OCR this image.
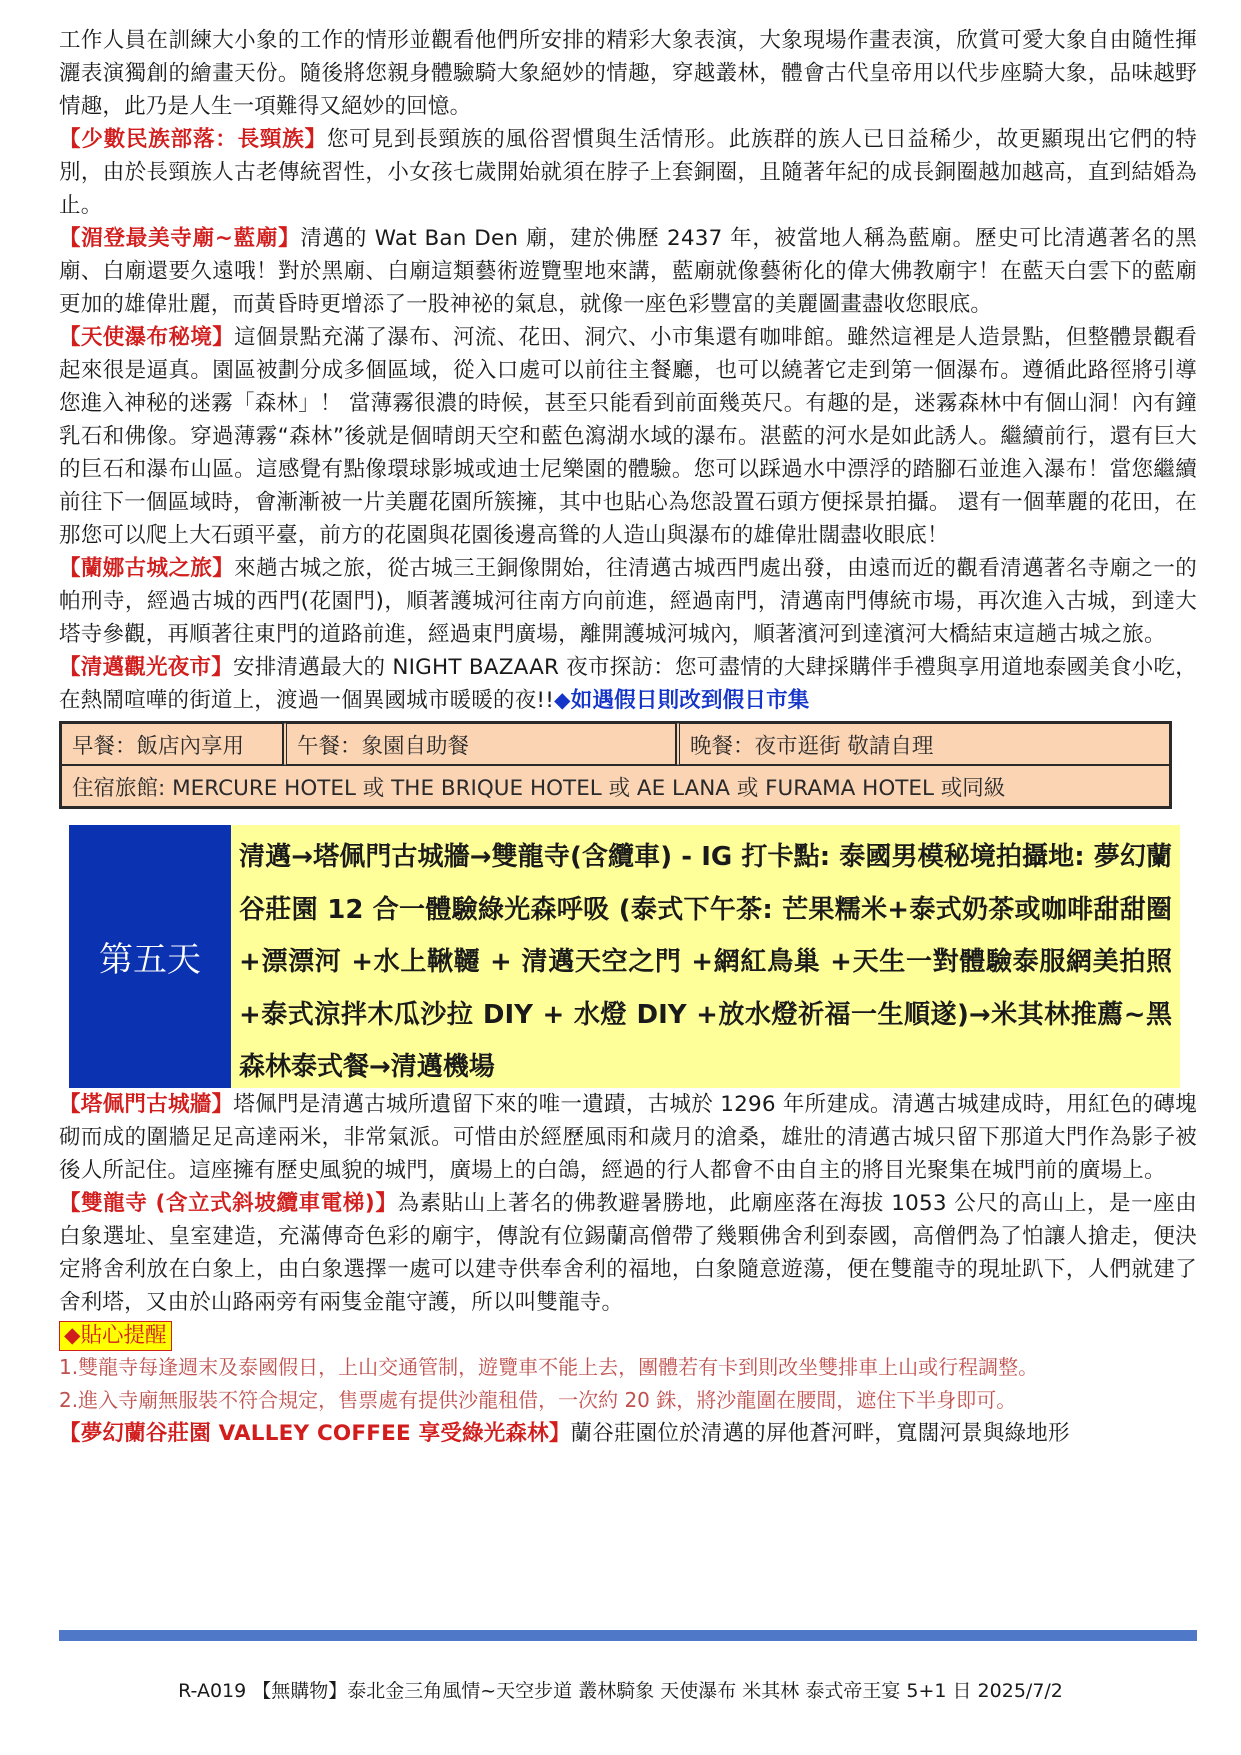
工作人員在訓練大小象的工作的情形並觀看他們所安排的精彩大象表演，大象現場作畫表演，欣賞可愛大象自由隨性揮灑表演獨創的繪畫天份。隨後將您親身體驗騎大象絕妙的情趣，穿越叢林，體會古代皇帝用以代步座騎大象，品味越野情趣，此乃是人生一項難得又絕妙的回憶。

【少數民族部落：長頸族】您可見到長頸族的風俗習慣與生活情形。此族群的族人已日益稀少，故更顯現出它們的特別，由於長頸族人古老傳統習性，小女孩七歲開始就須在脖子上套銅圈，且隨著年紀的成長銅圈越加越高，直到結婚為止。

【湄登最美寺廟~藍廟】清邁的 Wat Ban Den 廟，建於佛歷 2437 年，被當地人稱為藍廟。歷史可比清邁著名的黑廟、白廟還要久遠哦！對於黑廟、白廟這類藝術遊覽聖地來講，藍廟就像藝術化的偉大佛教廟宇！在藍天白雲下的藍廟更加的雄偉壯麗，而黃昏時更增添了一股神祕的氣息，就像一座色彩豐富的美麗圖畫盡收您眼底。

【天使瀑布秘境】這個景點充滿了瀑布、河流、花田、洞穴、小市集還有咖啡館。雖然這裡是人造景點，但整體景觀看起來很是逼真。園區被劃分成多個區域，從入口處可以前往主餐廳，也可以繞著它走到第一個瀑布。遵循此路徑將引導您進入神秘的迷霧「森林」！ 當薄霧很濃的時候，甚至只能看到前面幾英尺。有趣的是，迷霧森林中有個山洞！內有鐘乳石和佛像。穿過薄霧“森林”後就是個晴朗天空和藍色瀉湖水域的瀑布。湛藍的河水是如此誘人。繼續前行，還有巨大的巨石和瀑布山區。這感覺有點像環球影城或迪士尼樂園的體驗。您可以踩過水中漂浮的踏腳石並進入瀑布！當您繼續前往下一個區域時，會漸漸被一片美麗花園所簇擁，其中也貼心為您設置石頭方便採景拍攝。 還有一個華麗的花田，在那您可以爬上大石頭平臺，前方的花園與花園後邊高聳的人造山與瀑布的雄偉壯闊盡收眼底！

【蘭娜古城之旅】來趟古城之旅，從古城三王銅像開始，往清邁古城西門處出發，由遠而近的觀看清邁著名寺廟之一的帕刑寺，經過古城的西門(花園門)，順著護城河往南方向前進，經過南門，清邁南門傳統市場，再次進入古城，到達大塔寺參觀，再順著往東門的道路前進，經過東門廣場，離開護城河城內，順著濱河到達濱河大橋結束這趟古城之旅。

【清邁觀光夜市】安排清邁最大的 NIGHT BAZAAR 夜市探訪：您可盡情的大肆採購伴手禮與享用道地泰國美食小吃，在熱鬧喧嘩的街道上，渡過一個異國城市暖暖的夜!!◆如遇假日則改到假日市集

早餐：飯店內享用	午餐：象園自助餐	晚餐：夜市逛街 敬請自理
住宿旅館: MERCURE HOTEL 或 THE BRIQUE HOTEL 或 AE LANA 或 FURAMA HOTEL 或同級
第五天
清邁→塔佩門古城牆→雙龍寺(含纜車) - IG 打卡點: 泰國男模秘境拍攝地: 夢幻蘭谷莊園 12 合一體驗綠光森呼吸 (泰式下午茶: 芒果糯米+泰式奶茶或咖啡甜甜圈+漂漂河 +水上鞦韆 + 清邁天空之門 +網紅鳥巢 +天生一對體驗泰服網美拍照 +泰式涼拌木瓜沙拉 DIY + 水燈 DIY +放水燈祈福一生順遂)→米其林推薦~黑森林泰式餐→清邁機場

【塔佩門古城牆】塔佩門是清邁古城所遺留下來的唯一遺蹟，古城於 1296 年所建成。清邁古城建成時，用紅色的磚塊砌而成的圍牆足足高達兩米，非常氣派。可惜由於經歷風雨和歲月的滄桑，雄壯的清邁古城只留下那道大門作為影子被後人所記住。這座擁有歷史風貌的城門，廣場上的白鴿，經過的行人都會不由自主的將目光聚集在城門前的廣場上。

【雙龍寺 (含立式斜坡纜車電梯)】為素貼山上著名的佛教避暑勝地，此廟座落在海拔 1053 公尺的高山上，是一座由白象選址、皇室建造，充滿傳奇色彩的廟宇，傳說有位錫蘭高僧帶了幾顆佛舍利到泰國，高僧們為了怕讓人搶走，便決定將舍利放在白象上，由白象選擇一處可以建寺供奉舍利的福地，白象隨意遊蕩，便在雙龍寺的現址趴下，人們就建了舍利塔，又由於山路兩旁有兩隻金龍守護，所以叫雙龍寺。

◆貼心提醒

1.雙龍寺每逢週末及泰國假日，上山交通管制，遊覽車不能上去，團體若有卡到則改坐雙排車上山或行程調整。

2.進入寺廟無服裝不符合規定，售票處有提供沙龍租借，一次約 20 銖，將沙龍圍在腰間，遮住下半身即可。

【夢幻蘭谷莊園 VALLEY COFFEE 享受綠光森林】蘭谷莊園位於清邁的屏他蒼河畔，寬闊河景與綠地形

R-A019 【無購物】泰北金三角風情~天空步道 叢林騎象 天使瀑布 米其林 泰式帝王宴 5+1 日 2025/7/2
